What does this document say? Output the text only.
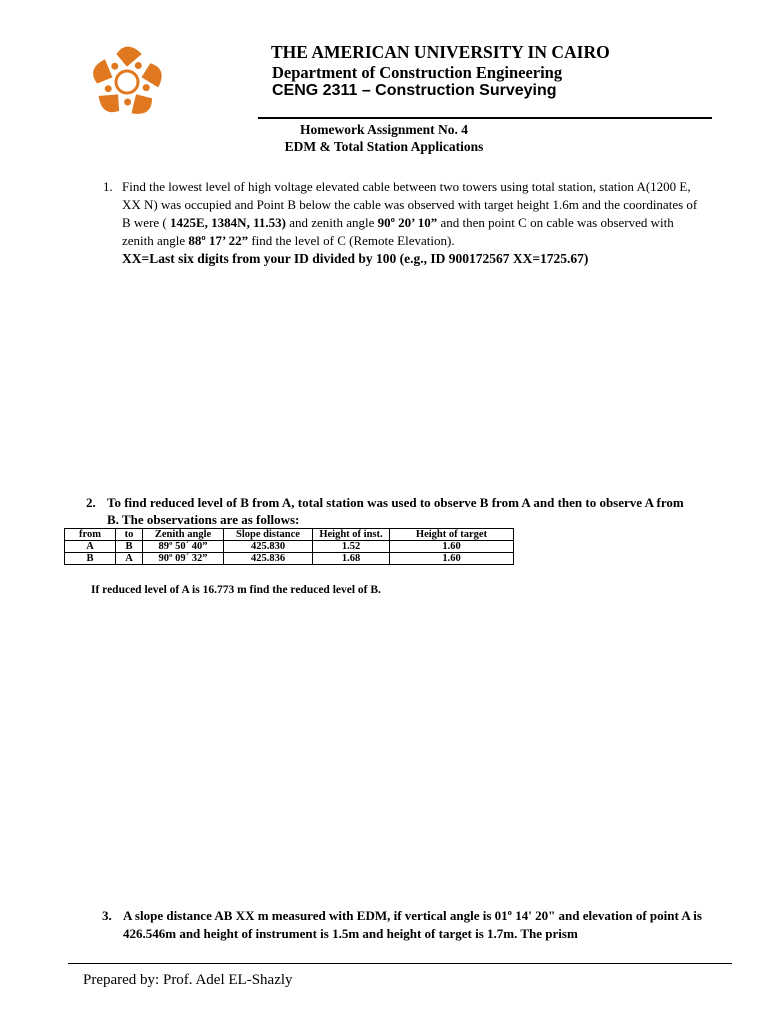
THE AMERICAN UNIVERSITY IN CAIRO
Department of Construction Engineering
CENG 2311 – Construction Surveying
Homework Assignment No. 4
EDM & Total Station Applications
1. Find the lowest level of high voltage elevated cable between two towers using total station, station A(1200 E, XX N) was occupied and Point B below the cable was observed with target height 1.6m and the coordinates of B were ( 1425E, 1384N, 11.53) and zenith angle 90º 20’ 10” and then point C on cable was observed with zenith angle 88º 17’ 22” find the level of C (Remote Elevation).
XX=Last six digits from your ID divided by 100 (e.g., ID 900172567 XX=1725.67)
2. To find reduced level of B from A, total station was used to observe B from A and then to observe A from B. The observations are as follows:
from	to	Zenith angle	Slope distance	Height of inst.	Height of target
A	B	89º 50´ 40”	425.830	1.52	1.60
B	A	90º 09´ 32”	425.836	1.68	1.60
If reduced level of A is 16.773 m find the reduced level of B.
3. A slope distance AB XX m measured with EDM, if vertical angle is 01º 14' 20" and elevation of point A is 426.546m and height of instrument is 1.5m and height of target is 1.7m. The prism
Prepared by: Prof. Adel EL-Shazly
